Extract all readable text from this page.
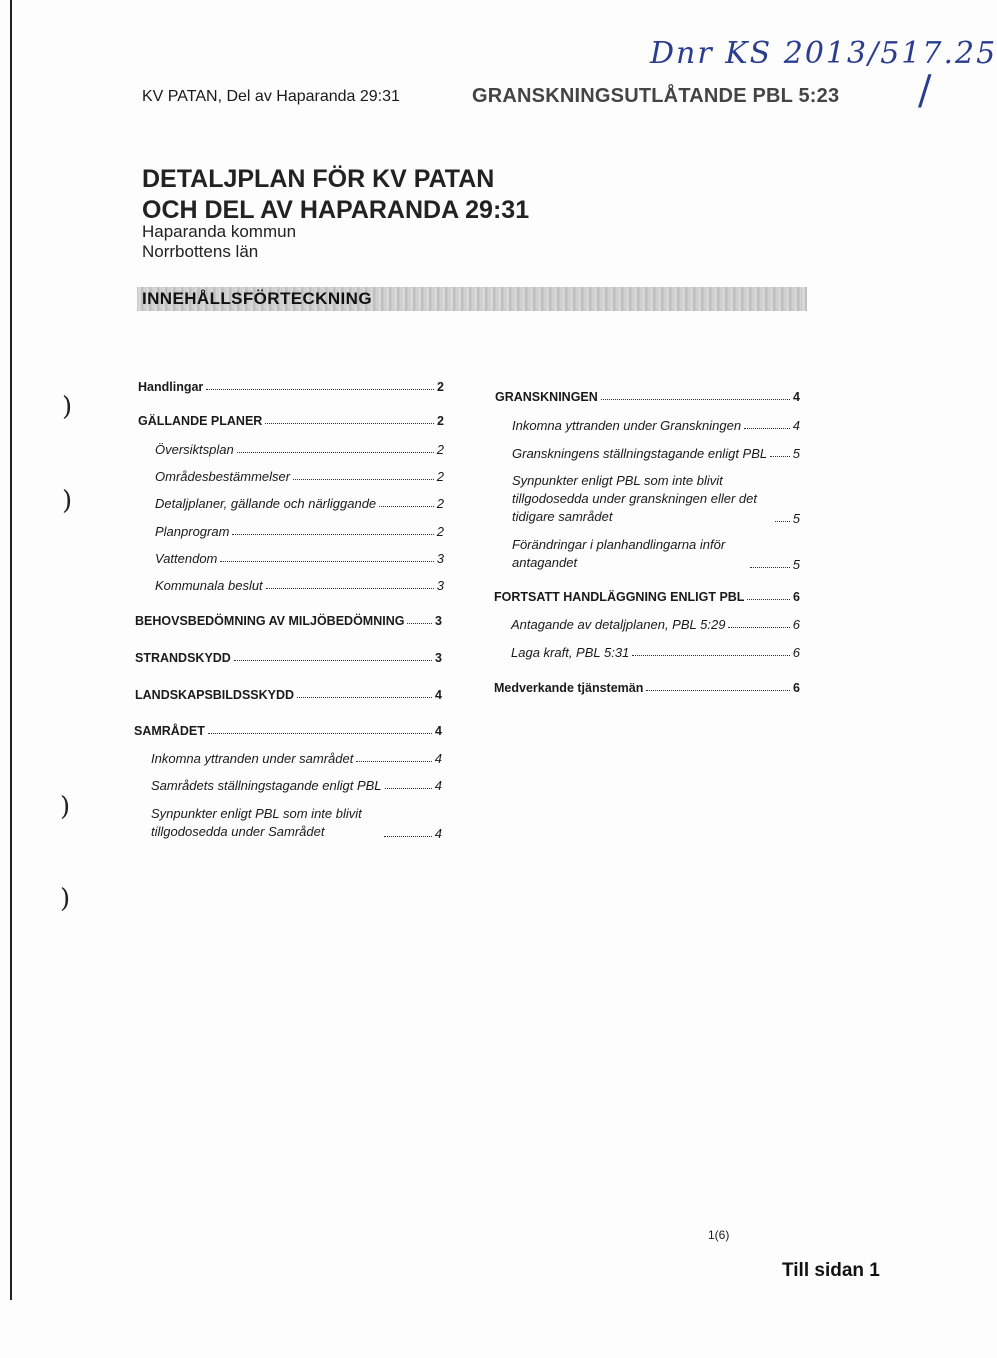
Dnr KS 2013/517.25
/
KV PATAN, Del av Haparanda 29:31	GRANSKNINGSUTLÅTANDE PBL 5:23
DETALJPLAN FÖR KV PATAN
OCH DEL AV HAPARANDA 29:31
Haparanda kommun
Norrbottens län
INNEHÅLLSFÖRTECKNING
)
)
)
)
Handlingar	2
GÄLLANDE PLANER	2
Översiktsplan	2
Områdesbestämmelser	2
Detaljplaner, gällande och närliggande	2
Planprogram	2
Vattendom	3
Kommunala beslut	3
BEHOVSBEDÖMNING AV MILJÖBEDÖMNING 3
STRANDSKYDD	3
LANDSKAPSBILDSSKYDD	4
SAMRÅDET	4
Inkomna yttranden under samrådet	4
Samrådets ställningstagande enligt PBL	4
Synpunkter enligt PBL som inte blivit tillgodosedda under Samrådet	4
GRANSKNINGEN	4
Inkomna yttranden under Granskningen	4
Granskningens ställningstagande enligt PBL 5
Synpunkter enligt PBL som inte blivit tillgodosedda under granskningen eller det tidigare samrådet	5
Förändringar i planhandlingarna inför antagandet	5
FORTSATT HANDLÄGGNING ENLIGT PBL	6
Antagande av detaljplanen, PBL 5:29	6
Laga kraft, PBL 5:31	6
Medverkande tjänstemän	6
1(6)
Till sidan 1
